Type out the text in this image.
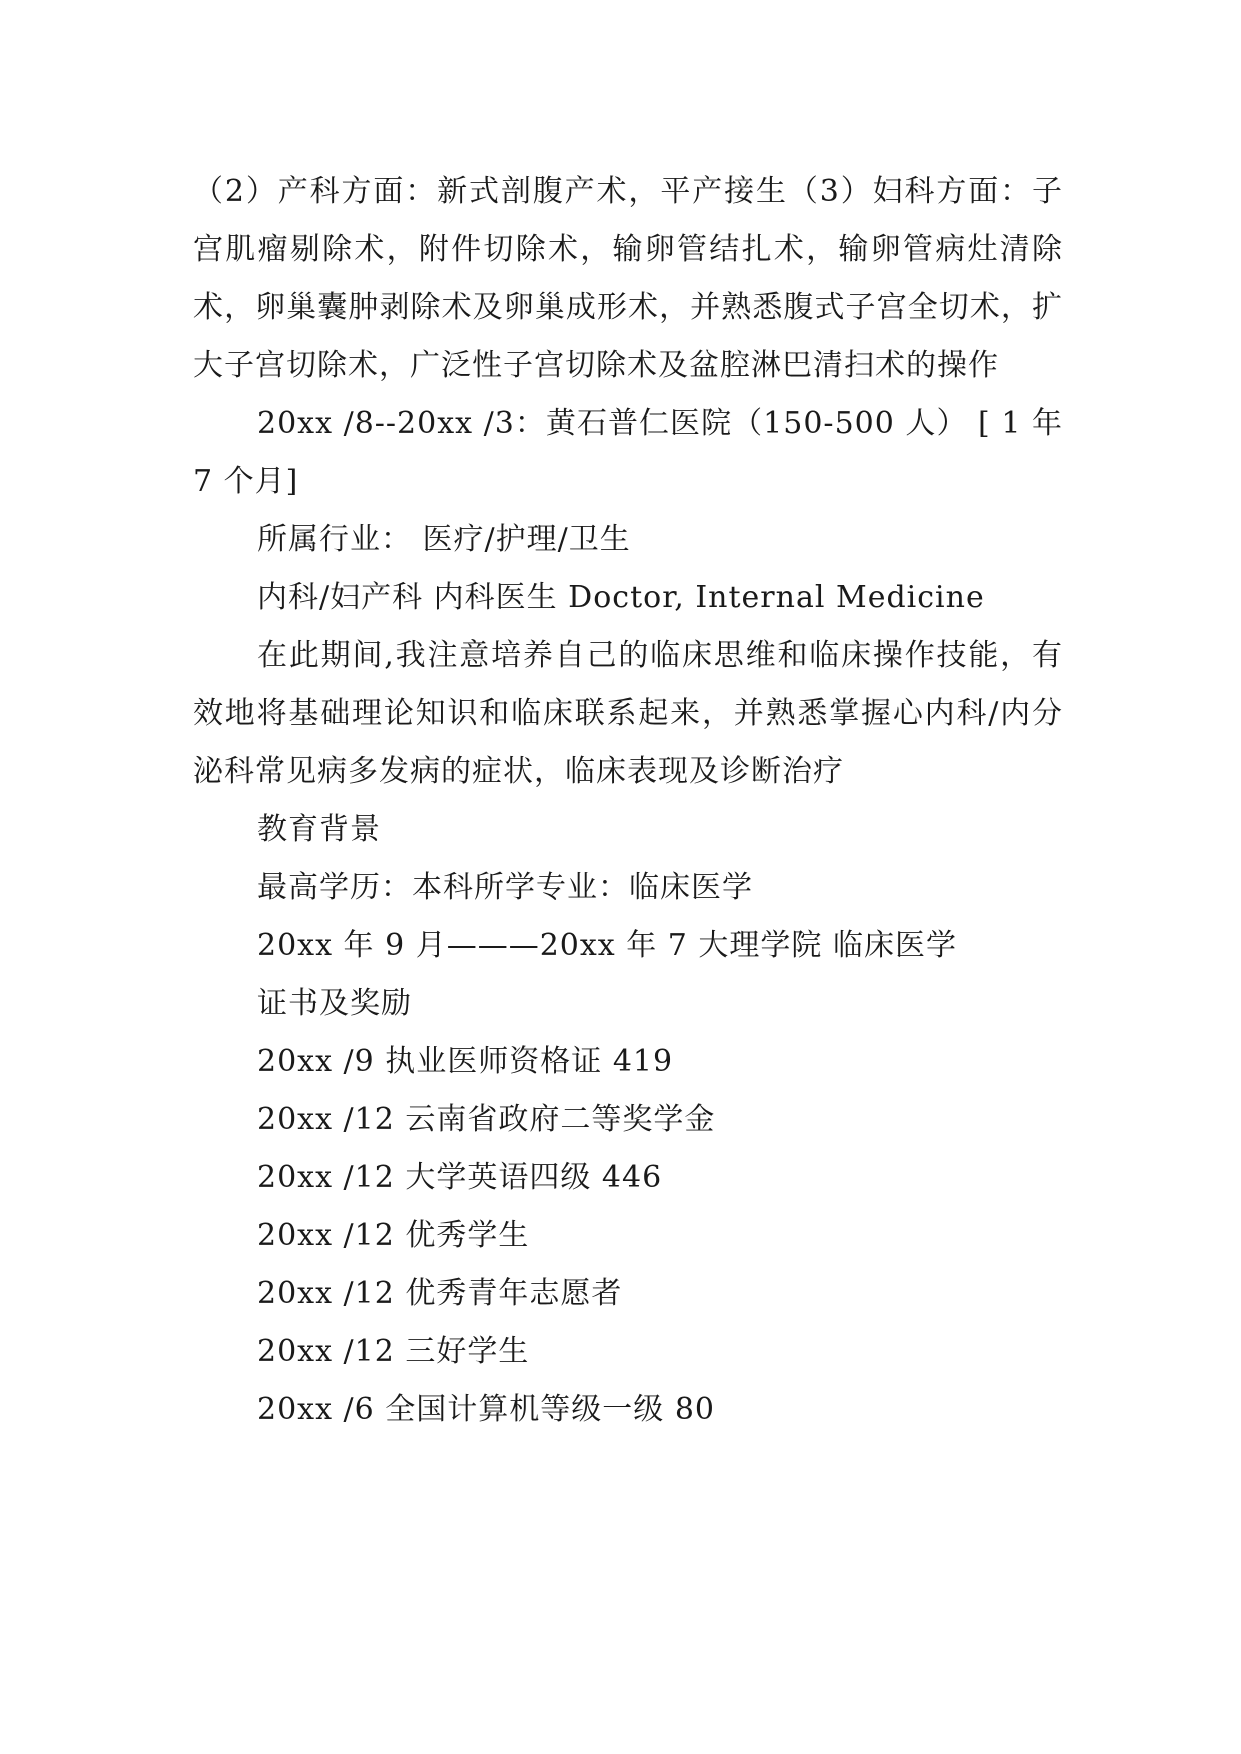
（2）产科方面：新式剖腹产术，平产接生（3）妇科方面：子宫肌瘤剔除术，附件切除术，输卵管结扎术，输卵管病灶清除术，卵巢囊肿剥除术及卵巢成形术，并熟悉腹式子宫全切术，扩大子宫切除术，广泛性子宫切除术及盆腔淋巴清扫术的操作

20xx /8--20xx /3：黄石普仁医院（150-500 人） [ 1 年 7 个月]

所属行业： 医疗/护理/卫生

内科/妇产科 内科医生 Doctor, Internal Medicine

在此期间,我注意培养自己的临床思维和临床操作技能，有效地将基础理论知识和临床联系起来，并熟悉掌握心内科/内分泌科常见病多发病的症状，临床表现及诊断治疗

教育背景

最高学历：本科所学专业：临床医学

20xx 年 9 月———20xx 年 7 大理学院 临床医学

证书及奖励

20xx /9 执业医师资格证 419

20xx /12 云南省政府二等奖学金

20xx /12 大学英语四级 446

20xx /12 优秀学生

20xx /12 优秀青年志愿者

20xx /12 三好学生

20xx /6 全国计算机等级一级 80
